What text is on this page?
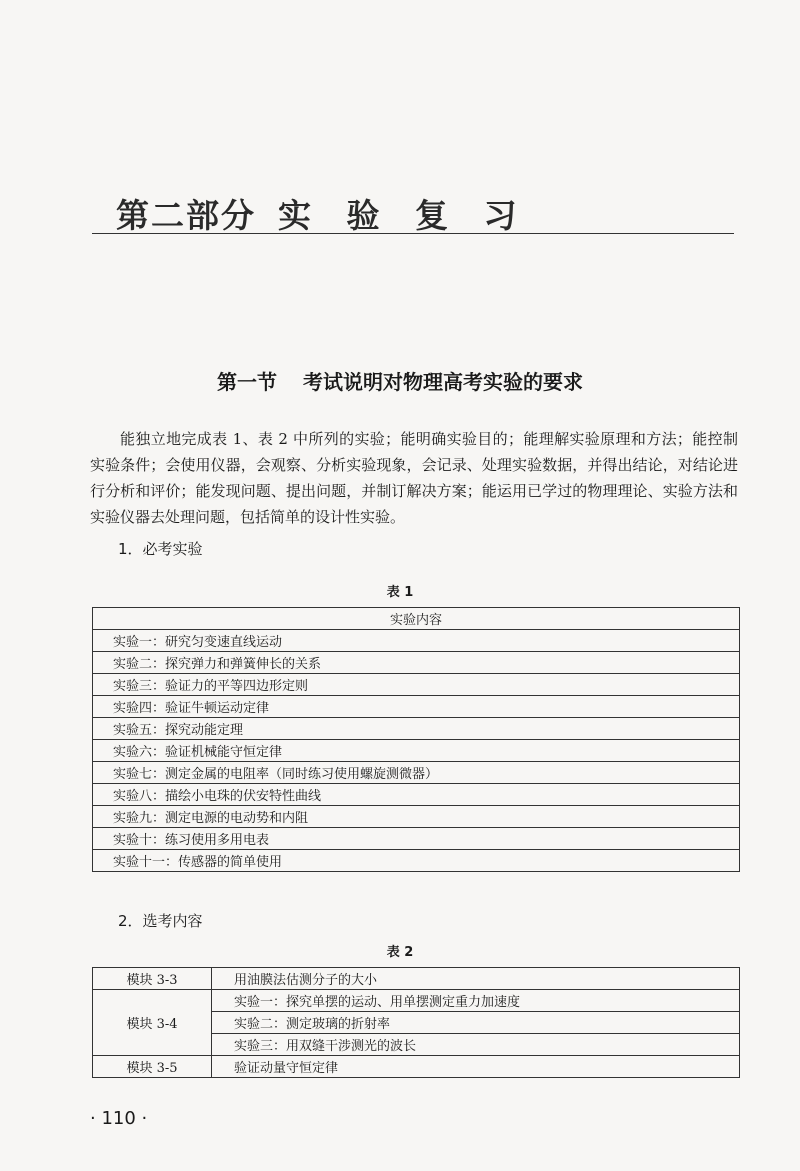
第二部分 实 验 复 习
第一节 考试说明对物理高考实验的要求

能独立地完成表 1、表 2 中所列的实验；能明确实验目的；能理解实验原理和方法；能控制实验条件；会使用仪器，会观察、分析实验现象，会记录、处理实验数据，并得出结论，对结论进行分析和评价；能发现问题、提出问题，并制订解决方案；能运用已学过的物理理论、实验方法和实验仪器去处理问题，包括简单的设计性实验。

1．必考实验
表 1
实验内容
实验一：研究匀变速直线运动
实验二：探究弹力和弹簧伸长的关系
实验三：验证力的平等四边形定则
实验四：验证牛顿运动定律
实验五：探究动能定理
实验六：验证机械能守恒定律
实验七：测定金属的电阻率（同时练习使用螺旋测微器）
实验八：描绘小电珠的伏安特性曲线
实验九：测定电源的电动势和内阻
实验十：练习使用多用电表
实验十一：传感器的简单使用
2．选考内容
表 2
模块 3-3	用油膜法估测分子的大小
模块 3-4	实验一：探究单摆的运动、用单摆测定重力加速度
	实验二：测定玻璃的折射率
	实验三：用双缝干涉测光的波长
模块 3-5	验证动量守恒定律
· 110 ·
